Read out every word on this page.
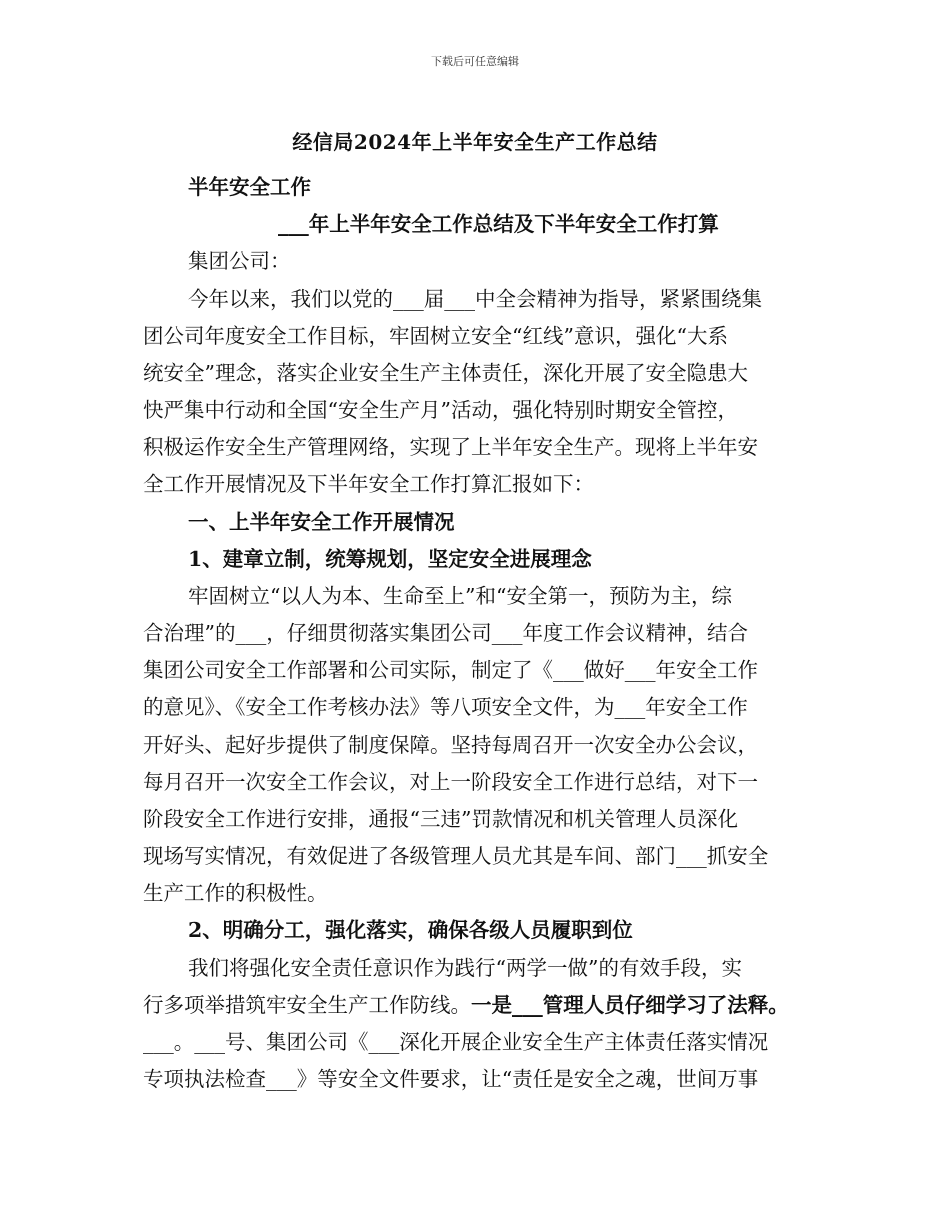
下载后可任意编辑
经信局2024年上半年安全生产工作总结
半年安全工作
___年上半年安全工作总结及下半年安全工作打算
集团公司：
今年以来，我们以党的___届___中全会精神为指导，紧紧围绕集
团公司年度安全工作目标，牢固树立安全“红线”意识，强化“大系
统安全”理念，落实企业安全生产主体责任，深化开展了安全隐患大
快严集中行动和全国“安全生产月”活动，强化特别时期安全管控，
积极运作安全生产管理网络，实现了上半年安全生产。现将上半年安
全工作开展情况及下半年安全工作打算汇报如下：
一、上半年安全工作开展情况
1、建章立制，统筹规划，坚定安全进展理念
牢固树立“以人为本、生命至上”和“安全第一，预防为主，综
合治理”的___，仔细贯彻落实集团公司___年度工作会议精神，结合
集团公司安全工作部署和公司实际，制定了《___做好___年安全工作
的意见》、《安全工作考核办法》等八项安全文件，为___年安全工作
开好头、起好步提供了制度保障。坚持每周召开一次安全办公会议，
每月召开一次安全工作会议，对上一阶段安全工作进行总结，对下一
阶段安全工作进行安排，通报“三违”罚款情况和机关管理人员深化
现场写实情况，有效促进了各级管理人员尤其是车间、部门___抓安全
生产工作的积极性。
2、明确分工，强化落实，确保各级人员履职到位
我们将强化安全责任意识作为践行“两学一做”的有效手段，实
行多项举措筑牢安全生产工作防线。一是___管理人员仔细学习了法释。
___。___号、集团公司《___深化开展企业安全生产主体责任落实情况
专项执法检查___》等安全文件要求，让“责任是安全之魂，世间万事
